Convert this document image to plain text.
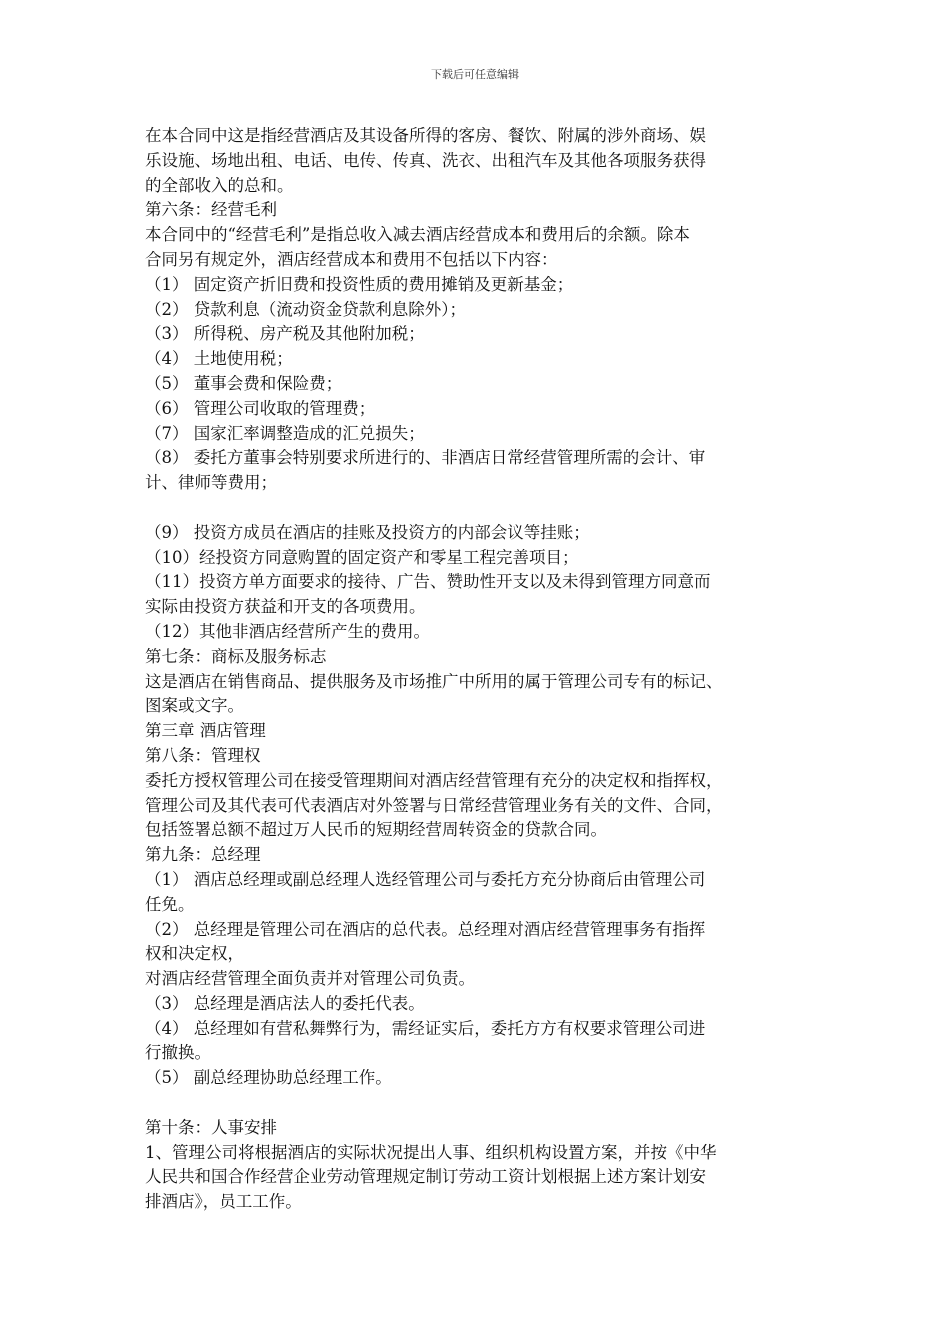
下载后可任意编辑
在本合同中这是指经营酒店及其设备所得的客房、餐饮、附属的涉外商场、娱
乐设施、场地出租、电话、电传、传真、洗衣、出租汽车及其他各项服务获得
的全部收入的总和。
第六条：经营毛利
本合同中的“经营毛利”是指总收入减去酒店经营成本和费用后的余额。除本
合同另有规定外，酒店经营成本和费用不包括以下内容：
（1） 固定资产折旧费和投资性质的费用摊销及更新基金；
（2） 贷款利息（流动资金贷款利息除外）；
（3） 所得税、房产税及其他附加税；
（4） 土地使用税；
（5） 董事会费和保险费；
（6） 管理公司收取的管理费；
（7） 国家汇率调整造成的汇兑损失；
（8） 委托方董事会特别要求所进行的、非酒店日常经营管理所需的会计、审
计、律师等费用；
（9） 投资方成员在酒店的挂账及投资方的内部会议等挂账；
（10）经投资方同意购置的固定资产和零星工程完善项目；
（11）投资方单方面要求的接待、广告、赞助性开支以及未得到管理方同意而
实际由投资方获益和开支的各项费用。
（12）其他非酒店经营所产生的费用。
第七条：商标及服务标志
这是酒店在销售商品、提供服务及市场推广中所用的属于管理公司专有的标记、
图案或文字。
第三章 酒店管理
第八条：管理权
委托方授权管理公司在接受管理期间对酒店经营管理有充分的决定权和指挥权，
管理公司及其代表可代表酒店对外签署与日常经营管理业务有关的文件、合同，
包括签署总额不超过万人民币的短期经营周转资金的贷款合同。
第九条：总经理
（1） 酒店总经理或副总经理人选经管理公司与委托方充分协商后由管理公司
任免。
（2） 总经理是管理公司在酒店的总代表。总经理对酒店经营管理事务有指挥
权和决定权，
对酒店经营管理全面负责并对管理公司负责。
（3） 总经理是酒店法人的委托代表。
（4） 总经理如有营私舞弊行为，需经证实后，委托方方有权要求管理公司进
行撤换。
（5） 副总经理协助总经理工作。
第十条：人事安排
1、管理公司将根据酒店的实际状况提出人事、组织机构设置方案，并按《中华
人民共和国合作经营企业劳动管理规定制订劳动工资计划根据上述方案计划安
排酒店》，员工工作。
